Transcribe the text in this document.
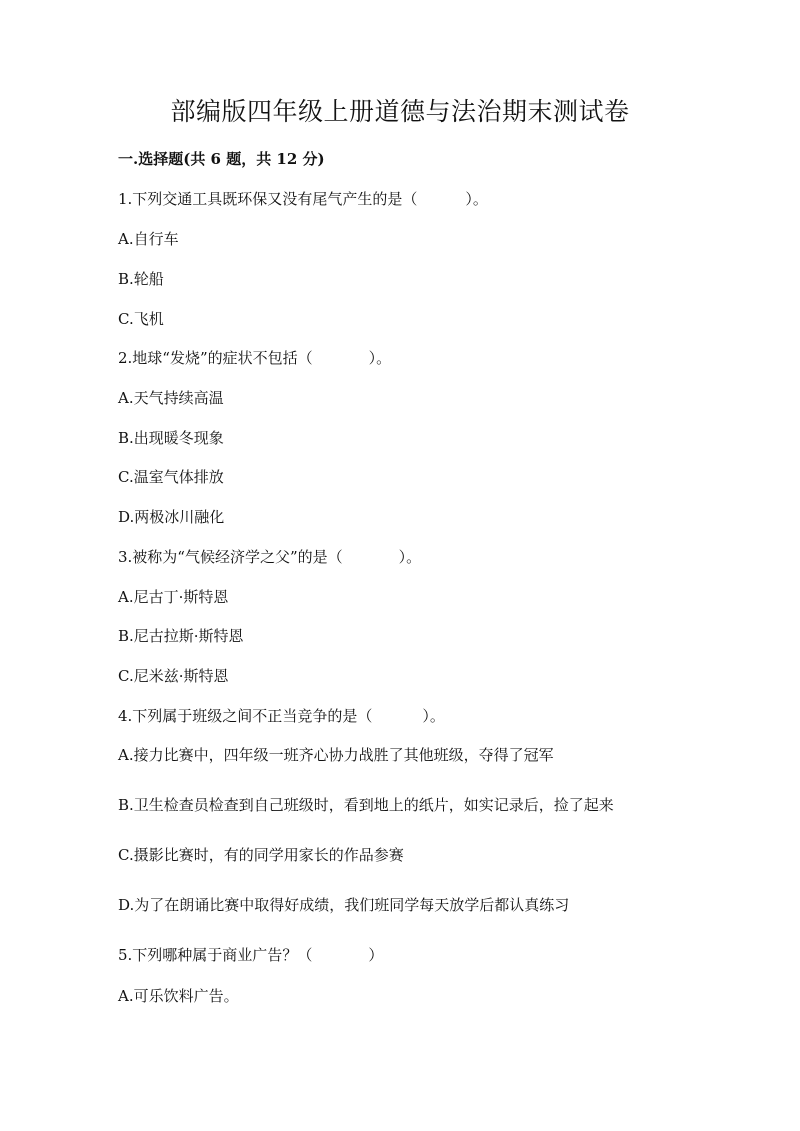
部编版四年级上册道德与法治期末测试卷
一.选择题(共 6 题，共 12 分)
1.下列交通工具既环保又没有尾气产生的是（	）。
A.自行车
B.轮船
C.飞机
2.地球“发烧”的症状不包括（	）。
A.天气持续高温
B.出现暖冬现象
C.温室气体排放
D.两极冰川融化
3.被称为“气候经济学之父”的是（	）。
A.尼古丁·斯特恩
B.尼古拉斯·斯特恩
C.尼米兹·斯特恩
4.下列属于班级之间不正当竞争的是（	）。
A.接力比赛中，四年级一班齐心协力战胜了其他班级，夺得了冠军
B.卫生检查员检查到自己班级时，看到地上的纸片，如实记录后，捡了起来
C.摄影比赛时，有的同学用家长的作品参赛
D.为了在朗诵比赛中取得好成绩，我们班同学每天放学后都认真练习
5.下列哪种属于商业广告？（	）
A.可乐饮料广告。
